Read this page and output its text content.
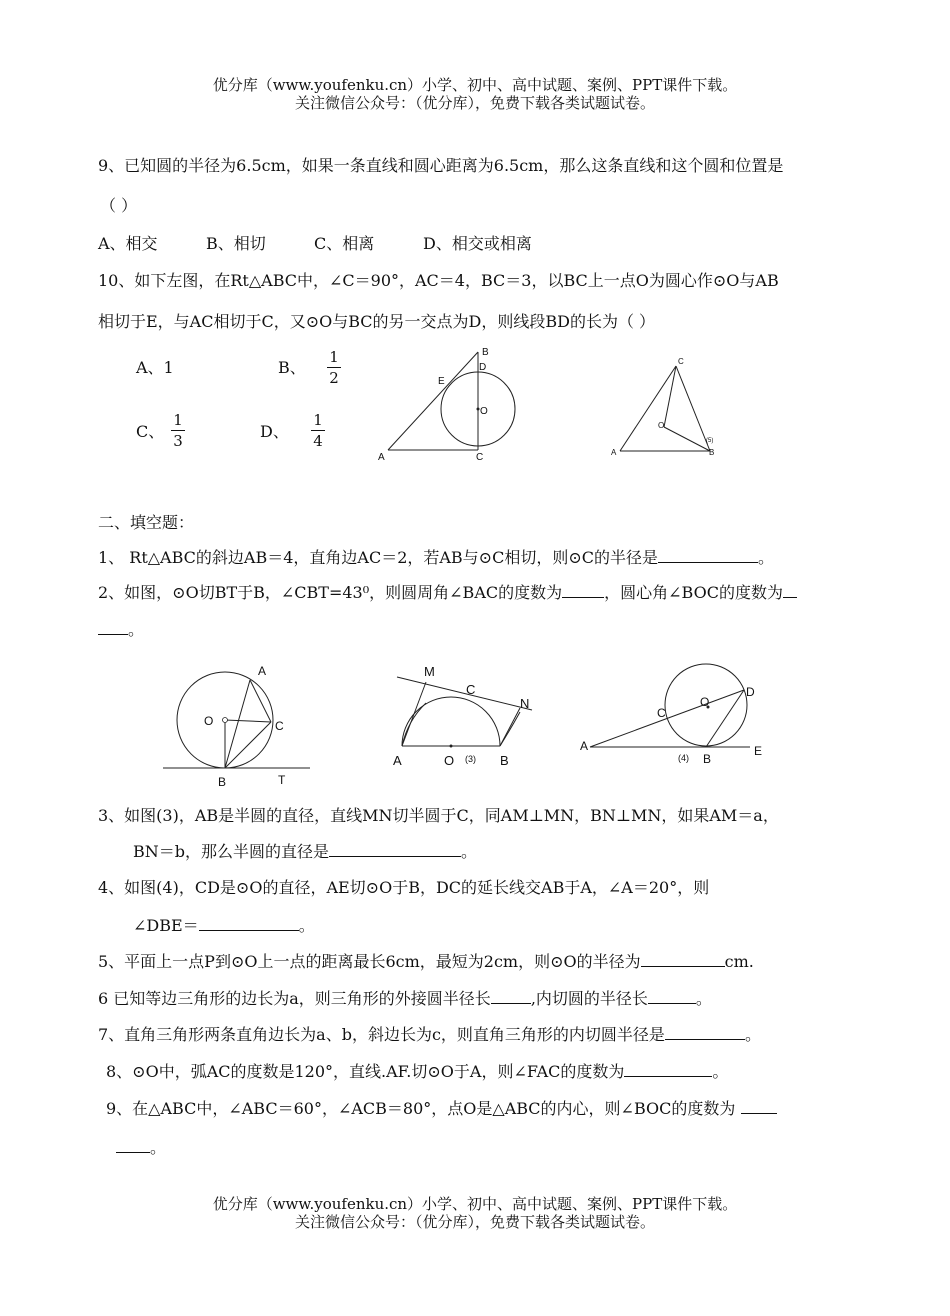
优分库（www.youfenku.cn）小学、初中、高中试题、案例、PPT课件下载。
关注微信公众号：（优分库），免费下载各类试题试卷。
9、已知圆的半径为6.5cm，如果一条直线和圆心距离为6.5cm，那么这条直线和这个圆和位置是
（ ）
A、相交	B、相切	C、相离	D、相交或相离
10、如下左图，在Rt△ABC中，∠C＝90°，AC＝4，BC＝3，以BC上一点O为圆心作⊙O与AB
相切于E，与AC相切于C，又⊙O与BC的另一交点为D，则线段BD的长为（ ）
A、1	B、
1
2
C、
1
3	D、
1
4
B
D
E
O
A	C
C
O
A	B
(5)
二、填空题：
1、 Rt△ABC的斜边AB＝4，直角边AC＝2，若AB与⊙C相切，则⊙C的半径是	。
2、如图，⊙O切BT于B，∠CBT=43⁰，则圆周角∠BAC的度数为	，圆心角∠BOC的度数为
。
A
O	C
B	T
M
C
N
A	O (3) B
O
D
C
A
(4) B
E
3、如图(3)，AB是半圆的直径，直线MN切半圆于C，同AM⊥MN，BN⊥MN，如果AM＝a，
BN＝b，那么半圆的直径是	。
4、如图(4)，CD是⊙O的直径，AE切⊙O于B，DC的延长线交AB于A，∠A＝20°，则
∠DBE＝	。
5、平面上一点P到⊙O上一点的距离最长6cm，最短为2cm，则⊙O的半径为	cm.
6 已知等边三角形的边长为a，则三角形的外接圆半径长	,内切圆的半径长	。
7、直角三角形两条直角边长为a、b，斜边长为c，则直角三角形的内切圆半径是	。
8、⊙O中，弧AC的度数是120°，直线.AF.切⊙O于A，则∠FAC的度数为	。
9、在△ABC中，∠ABC＝60°，∠ACB＝80°，点O是△ABC的内心，则∠BOC的度数为
。
优分库（www.youfenku.cn）小学、初中、高中试题、案例、PPT课件下载。
关注微信公众号：（优分库），免费下载各类试题试卷。
